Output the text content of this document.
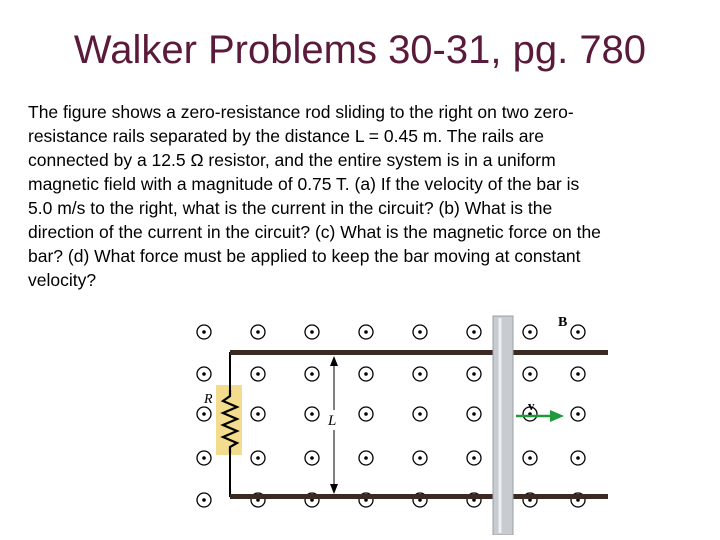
Walker Problems 30-31, pg. 780
The figure shows a zero-resistance rod sliding to the right on two zero-
resistance rails separated by the distance L = 0.45 m. The rails are
connected by a 12.5 Ω resistor, and the entire system is in a uniform
magnetic field with a magnitude of 0.75 T. (a) If the velocity of the bar is
5.0 m/s to the right, what is the current in the circuit? (b) What is the
direction of the current in the circuit? (c) What is the magnetic force on the
bar? (d) What force must be applied to keep the bar moving at constant
velocity?
R
L
v
B
